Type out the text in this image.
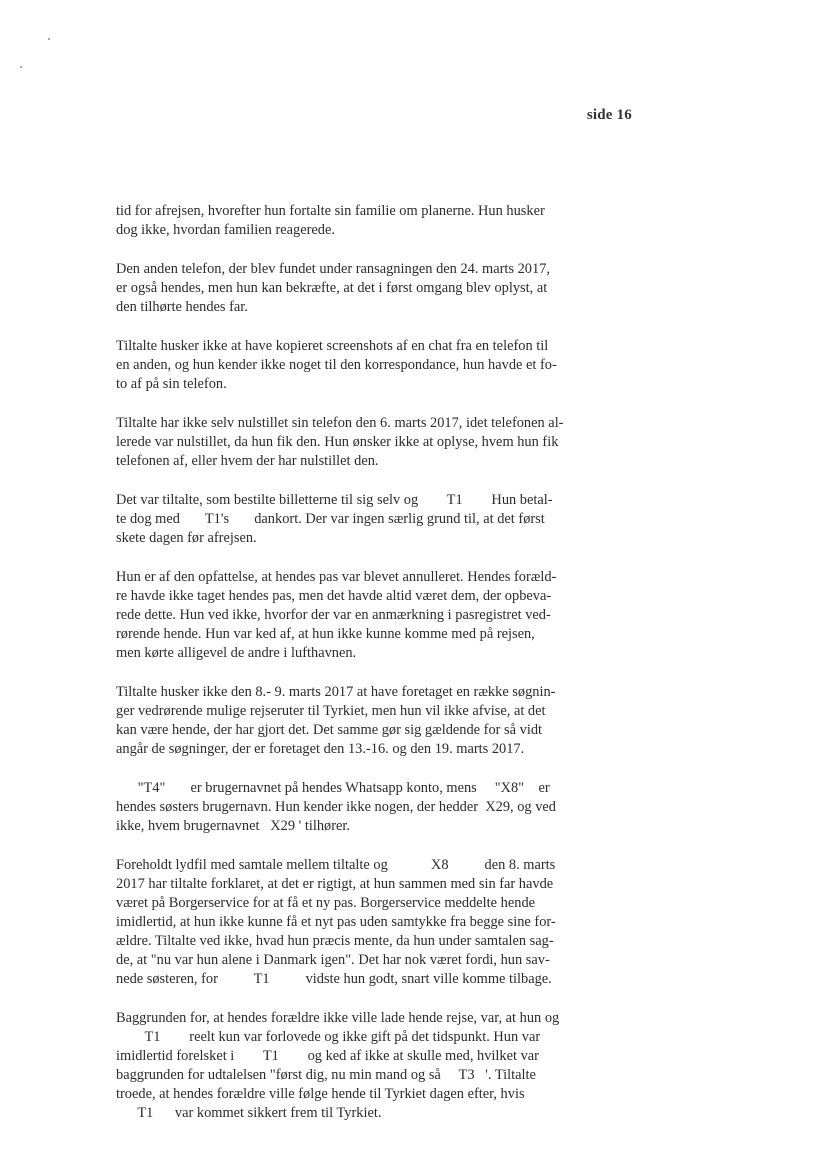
side 16
tid for afrejsen, hvorefter hun fortalte sin familie om planerne. Hun husker
dog ikke, hvordan familien reagerede.
Den anden telefon, der blev fundet under ransagningen den 24. marts 2017,
er også hendes, men hun kan bekræfte, at det i først omgang blev oplyst, at
den tilhørte hendes far.
Tiltalte husker ikke at have kopieret screenshots af en chat fra en telefon til
en anden, og hun kender ikke noget til den korrespondance, hun havde et fo-
to af på sin telefon.
Tiltalte har ikke selv nulstillet sin telefon den 6. marts 2017, idet telefonen al-
lerede var nulstillet, da hun fik den. Hun ønsker ikke at oplyse, hvem hun fik
telefonen af, eller hvem der har nulstillet den.
Det var tiltalte, som bestilte billetterne til sig selv og        T1        Hun betal-
te dog med       T1's       dankort. Der var ingen særlig grund til, at det først
skete dagen før afrejsen.
Hun er af den opfattelse, at hendes pas var blevet annulleret. Hendes foræld-
re havde ikke taget hendes pas, men det havde altid været dem, der opbeva-
rede dette. Hun ved ikke, hvorfor der var en anmærkning i pasregistret ved-
rørende hende. Hun var ked af, at hun ikke kunne komme med på rejsen,
men kørte alligevel de andre i lufthavnen.
Tiltalte husker ikke den 8.- 9. marts 2017 at have foretaget en række søgnin-
ger vedrørende mulige rejseruter til Tyrkiet, men hun vil ikke afvise, at det
kan være hende, der har gjort det. Det samme gør sig gældende for så vidt
angår de søgninger, der er foretaget den 13.-16. og den 19. marts 2017.
"T4"       er brugernavnet på hendes Whatsapp konto, mens     "X8"    er
hendes søsters brugernavn. Hun kender ikke nogen, der hedder  X29, og ved
ikke, hvem brugernavnet   X29 ' tilhører.
Foreholdt lydfil med samtale mellem tiltalte og            X8          den 8. marts
2017 har tiltalte forklaret, at det er rigtigt, at hun sammen med sin far havde
været på Borgerservice for at få et ny pas. Borgerservice meddelte hende
imidlertid, at hun ikke kunne få et nyt pas uden samtykke fra begge sine for-
ældre. Tiltalte ved ikke, hvad hun præcis mente, da hun under samtalen sag-
de, at "nu var hun alene i Danmark igen". Det har nok været fordi, hun sav-
nede søsteren, for          T1          vidste hun godt, snart ville komme tilbage.
Baggrunden for, at hendes forældre ikke ville lade hende rejse, var, at hun og
T1        reelt kun var forlovede og ikke gift på det tidspunkt. Hun var
imidlertid forelsket i        T1        og ked af ikke at skulle med, hvilket var
baggrunden for udtalelsen "først dig, nu min mand og så     T3   '. Tiltalte
troede, at hendes forældre ville følge hende til Tyrkiet dagen efter, hvis
T1      var kommet sikkert frem til Tyrkiet.
